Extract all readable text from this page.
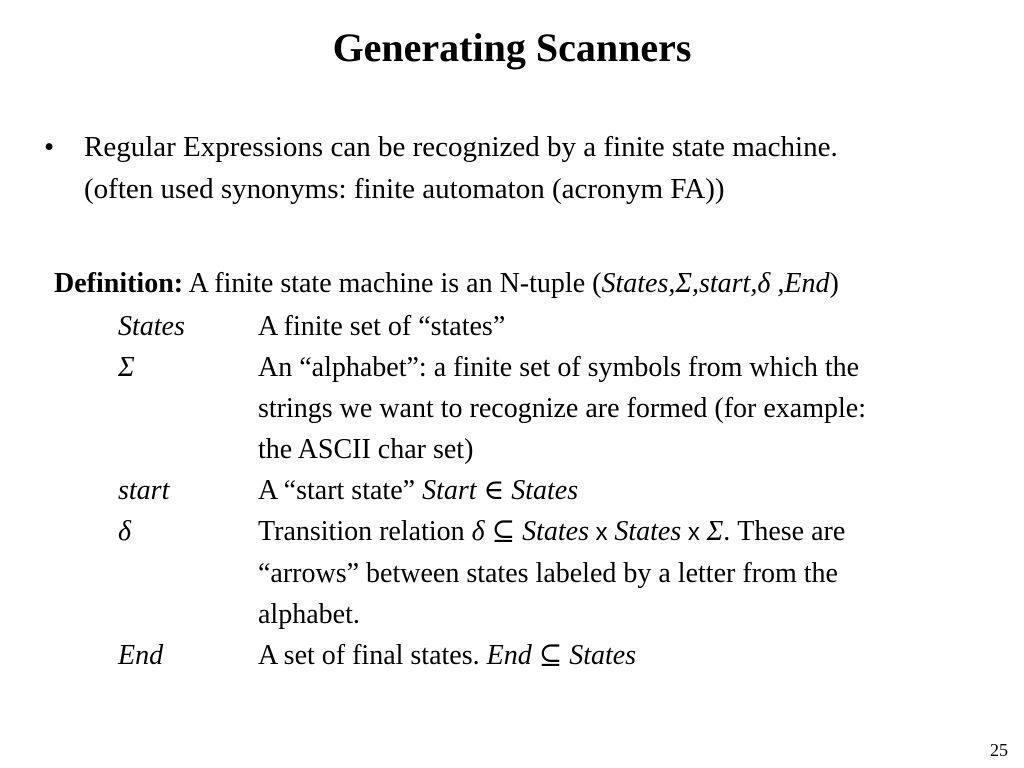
Generating Scanners
•	Regular Expressions can be recognized by a finite state machine.
(often used synonyms: finite automaton (acronym FA))
Definition: A finite state machine is an N-tuple (States,Σ,start,δ ,End)
States	A finite set of “states”
Σ	An “alphabet”: a finite set of symbols from which the
strings we want to recognize are formed (for example:
the ASCII char set)
start	A “start state” Start ∈ States
δ	Transition relation δ ⊆ States x States x Σ. These are
“arrows” between states labeled by a letter from the
alphabet.
End	A set of final states. End ⊆ States
25
